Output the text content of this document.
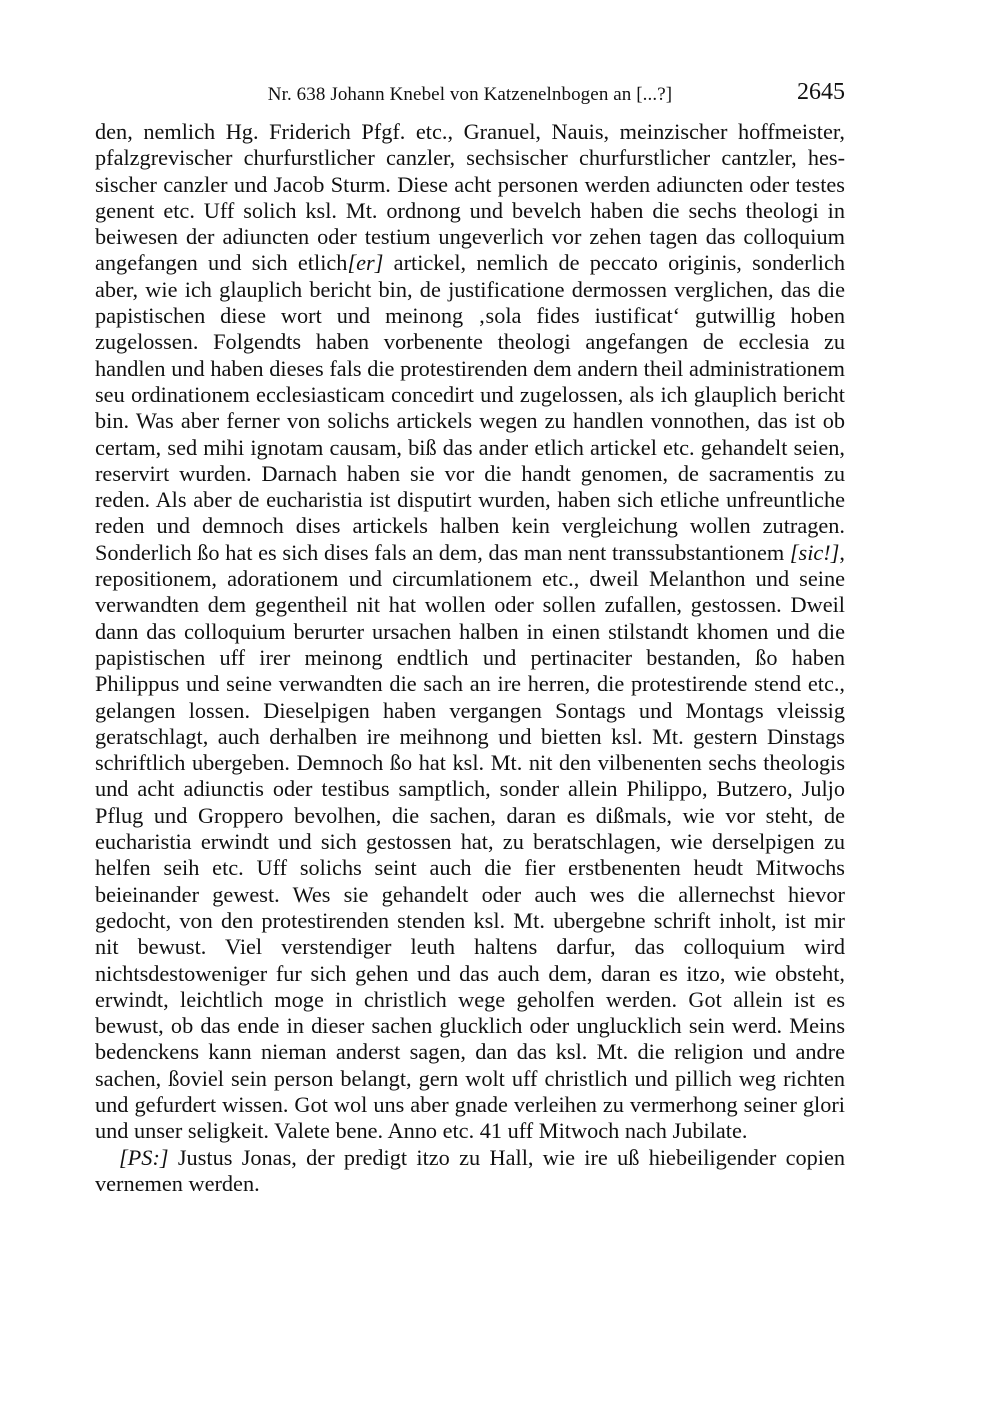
Nr. 638 Johann Knebel von Katzenelnbogen an [...?]	2645

den, nemlich Hg. Friderich Pfgf. etc., Granuel, Nauis, meinzischer hoffmeister, pfalzgrevischer churfurstlicher canzler, sechsischer churfurstlicher cantzler, hessischer canzler und Jacob Sturm. Diese acht personen werden adiuncten oder testes genent etc. Uff solich ksl. Mt. ordnong und bevelch haben die sechs theologi in beiwesen der adiuncten oder testium ungeverlich vor zehen tagen das colloquium angefangen und sich etlich[er] artickel, nemlich de peccato originis, sonderlich aber, wie ich glauplich bericht bin, de justificatione dermossen verglichen, das die papistischen diese wort und meinong ‚sola fides iustificat‘ gutwillig hoben zugelossen. Folgendts haben vorbenente theologi angefangen de ecclesia zu handlen und haben dieses fals die protestirenden dem andern theil administrationem seu ordinationem ecclesiasticam concedirt und zugelossen, als ich glauplich bericht bin. Was aber ferner von solichs artickels wegen zu handlen vonnothen, das ist ob certam, sed mihi ignotam causam, biß das ander etlich artickel etc. gehandelt seien, reservirt wurden. Darnach haben sie vor die handt genomen, de sacramentis zu reden. Als aber de eucharistia ist disputirt wurden, haben sich etliche unfreuntliche reden und demnoch dises artickels halben kein vergleichung wollen zutragen. Sonderlich ßo hat es sich dises fals an dem, das man nent transsubstantionem [sic!], repositionem, adorationem und circumlationem etc., dweil Melanthon und seine verwandten dem gegentheil nit hat wollen oder sollen zufallen, gestossen. Dweil dann das colloquium berurter ursachen halben in einen stilstandt khomen und die papistischen uff irer meinong endtlich und pertinaciter bestanden, ßo haben Philippus und seine verwandten die sach an ire herren, die protestirende stend etc., gelangen lossen. Dieselpigen haben vergangen Sontags und Montags vleissig geratschlagt, auch derhalben ire meihnong und bietten ksl. Mt. gestern Dinstags schriftlich ubergeben. Demnoch ßo hat ksl. Mt. nit den vilbenenten sechs theologis und acht adiunctis oder testibus samptlich, sonder allein Philippo, Butzero, Juljo Pflug und Groppero bevolhen, die sachen, daran es dißmals, wie vor steht, de eucharistia erwindt und sich gestossen hat, zu beratschlagen, wie derselpigen zu helfen seih etc. Uff solichs seint auch die fier erstbenenten heudt Mitwochs beieinander gewest. Wes sie gehandelt oder auch wes die allernechst hievor gedocht, von den protestirenden stenden ksl. Mt. ubergebne schrift inholt, ist mir nit bewust. Viel verstendiger leuth haltens darfur, das colloquium wird nichtsdestoweniger fur sich gehen und das auch dem, daran es itzo, wie obsteht, erwindt, leichtlich moge in christlich wege geholfen werden. Got allein ist es bewust, ob das ende in dieser sachen glucklich oder unglucklich sein werd. Meins bedenckens kann nieman anderst sagen, dan das ksl. Mt. die religion und andre sachen, ßoviel sein person belangt, gern wolt uff christlich und pillich weg richten und gefurdert wissen. Got wol uns aber gnade verleihen zu vermerhong seiner glori und unser seligkeit. Valete bene. Anno etc. 41 uff Mitwoch nach Jubilate.

[PS:] Justus Jonas, der predigt itzo zu Hall, wie ire uß hiebeiligender copien vernemen werden.
